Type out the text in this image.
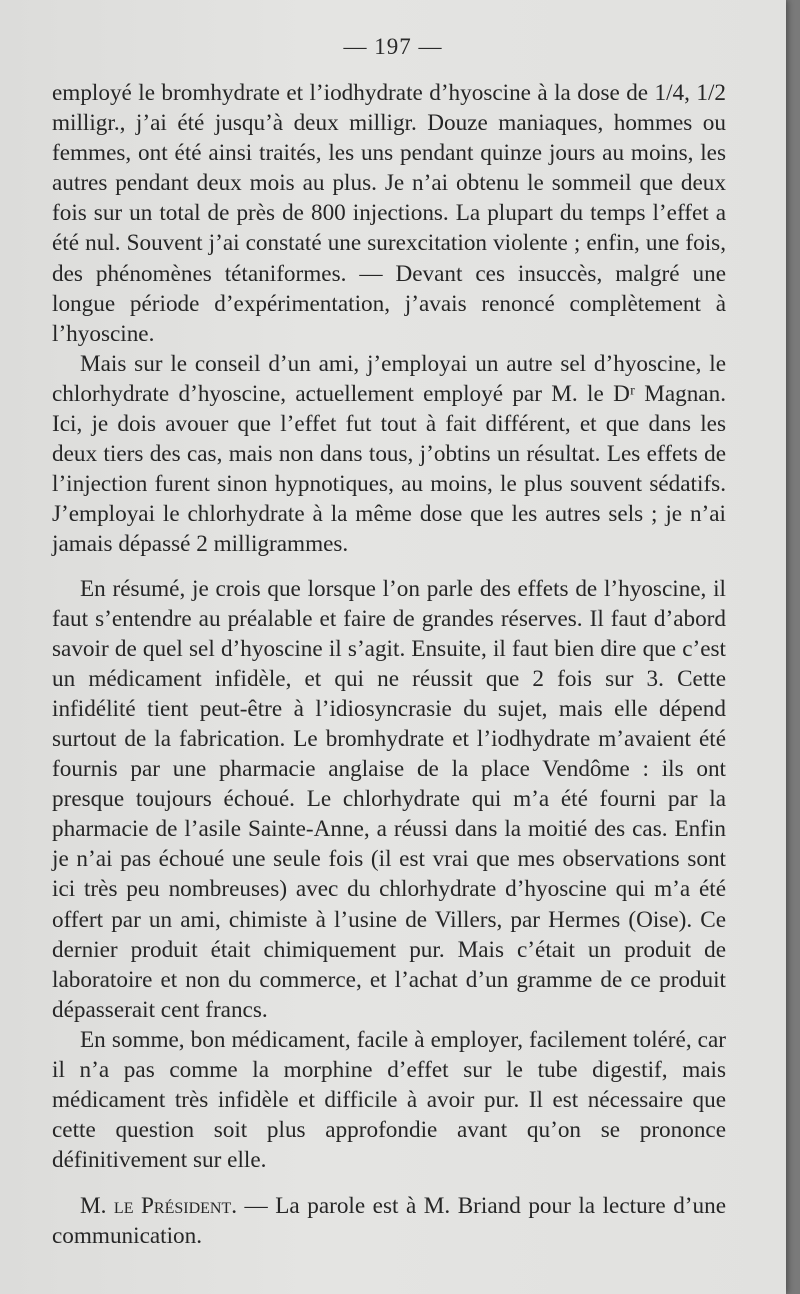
— 197 —

employé le bromhydrate et l’iodhydrate d’hyoscine à la dose de 1/4, 1/2 milligr., j’ai été jusqu’à deux milligr. Douze maniaques, hommes ou femmes, ont été ainsi traités, les uns pendant quinze jours au moins, les autres pendant deux mois au plus. Je n’ai obtenu le sommeil que deux fois sur un total de près de 800 injections. La plupart du temps l’effet a été nul. Souvent j’ai constaté une surexcitation violente ; enfin, une fois, des phénomènes tétaniformes. — Devant ces insuccès, malgré une longue période d’expérimentation, j’avais renoncé complètement à l’hyoscine.

Mais sur le conseil d’un ami, j’employai un autre sel d’hyoscine, le chlorhydrate d’hyoscine, actuellement employé par M. le Dʳ Magnan. Ici, je dois avouer que l’effet fut tout à fait différent, et que dans les deux tiers des cas, mais non dans tous, j’obtins un résultat. Les effets de l’injection furent sinon hypnotiques, au moins, le plus souvent sédatifs. J’employai le chlorhydrate à la même dose que les autres sels ; je n’ai jamais dépassé 2 milligrammes.

En résumé, je crois que lorsque l’on parle des effets de l’hyoscine, il faut s’entendre au préalable et faire de grandes réserves. Il faut d’abord savoir de quel sel d’hyoscine il s’agit. Ensuite, il faut bien dire que c’est un médicament infidèle, et qui ne réussit que 2 fois sur 3. Cette infidélité tient peut-être à l’idiosyncrasie du sujet, mais elle dépend surtout de la fabrication. Le bromhydrate et l’iodhydrate m’avaient été fournis par une pharmacie anglaise de la place Vendôme : ils ont presque toujours échoué. Le chlorhydrate qui m’a été fourni par la pharmacie de l’asile Sainte-Anne, a réussi dans la moitié des cas. Enfin je n’ai pas échoué une seule fois (il est vrai que mes observations sont ici très peu nombreuses) avec du chlorhydrate d’hyoscine qui m’a été offert par un ami, chimiste à l’usine de Villers, par Hermes (Oise). Ce dernier produit était chimiquement pur. Mais c’était un produit de laboratoire et non du commerce, et l’achat d’un gramme de ce produit dépasserait cent francs.

En somme, bon médicament, facile à employer, facilement toléré, car il n’a pas comme la morphine d’effet sur le tube digestif, mais médicament très infidèle et difficile à avoir pur. Il est nécessaire que cette question soit plus approfondie avant qu’on se prononce définitivement sur elle.

M. le Président. — La parole est à M. Briand pour la lecture d’une communication.
